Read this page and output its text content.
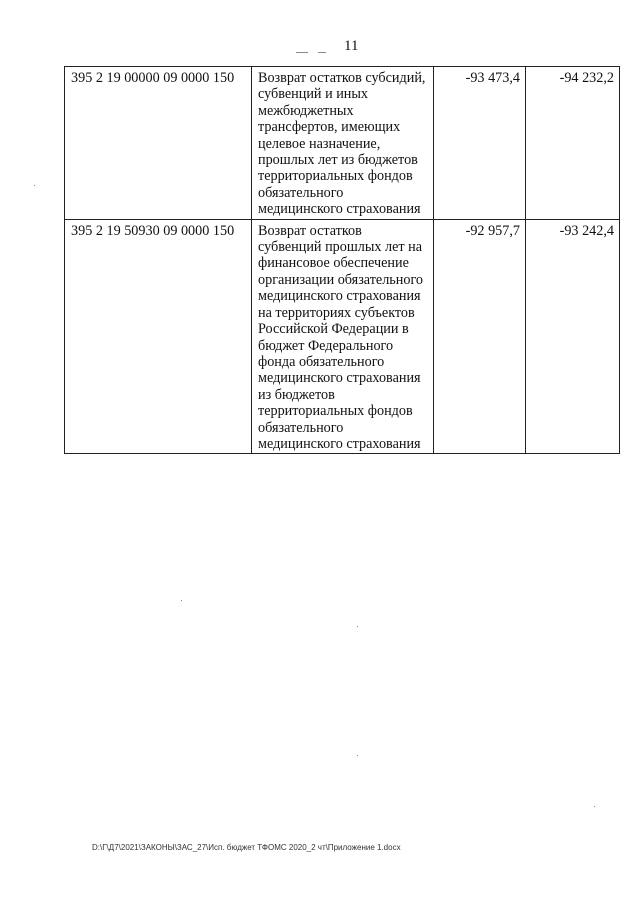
11
395 2 19 00000 09 0000 150	Возврат остатков субсидий, субвенций и иных межбюджетных трансфертов, имеющих целевое назначение, прошлых лет из бюджетов территориальных фондов обязательного медицинского страхования	-93 473,4	-94 232,2
395 2 19 50930 09 0000 150	Возврат остатков субвенций прошлых лет на финансовое обеспечение организации обязательного медицинского страхования на территориях субъектов Российской Федерации в бюджет Федерального фонда обязательного медицинского страхования из бюджетов территориальных фондов обязательного медицинского страхования	-92 957,7	-93 242,4
D:\Г\Д7\2021\ЗАКОНЫ\ЗАС_27\Исп. бюджет ТФОМС 2020_2 чт\Приложение 1.docx
